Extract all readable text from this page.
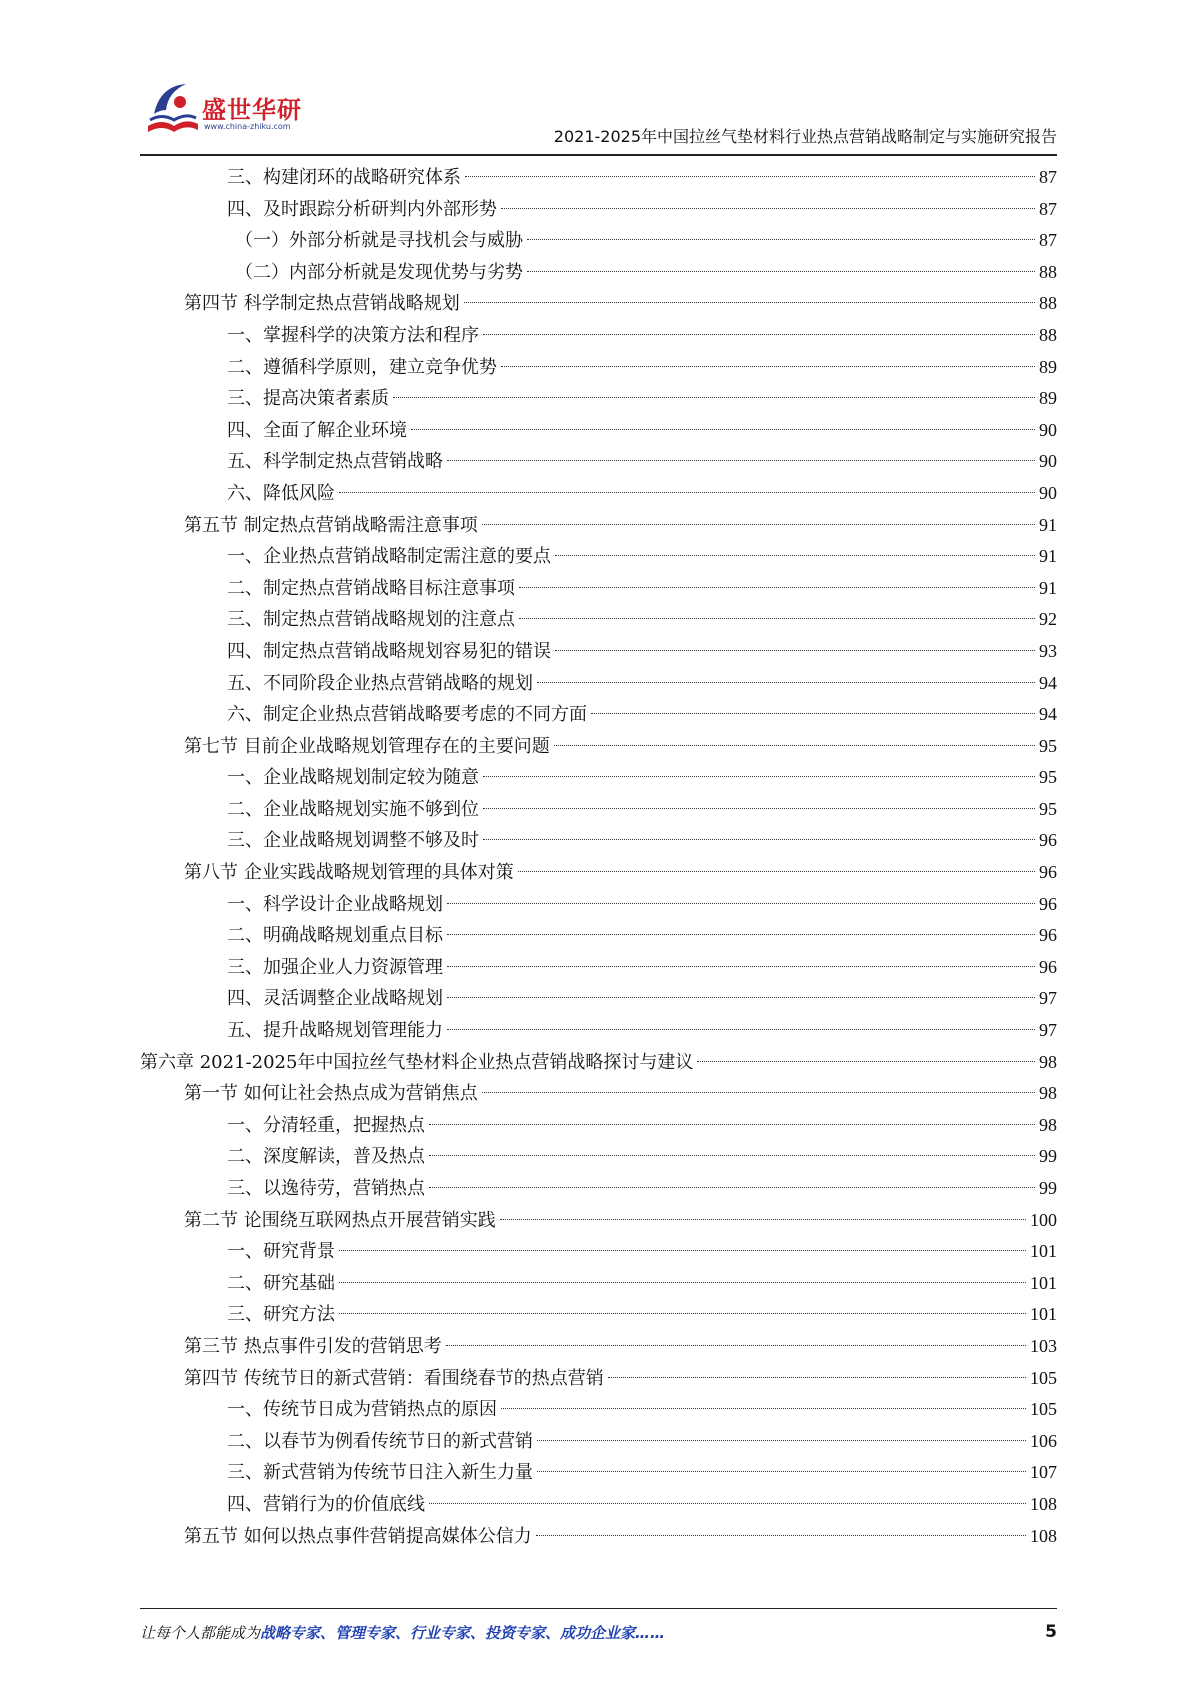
盛世华研
www.china-zhiku.com
2021-2025年中国拉丝气垫材料行业热点营销战略制定与实施研究报告
三、构建闭环的战略研究体系	87
四、及时跟踪分析研判内外部形势	87
（一）外部分析就是寻找机会与威胁	87
（二）内部分析就是发现优势与劣势	88
第四节 科学制定热点营销战略规划	88
一、掌握科学的决策方法和程序	88
二、遵循科学原则，建立竞争优势	89
三、提高决策者素质	89
四、全面了解企业环境	90
五、科学制定热点营销战略	90
六、降低风险	90
第五节 制定热点营销战略需注意事项	91
一、企业热点营销战略制定需注意的要点	91
二、制定热点营销战略目标注意事项	91
三、制定热点营销战略规划的注意点	92
四、制定热点营销战略规划容易犯的错误	93
五、不同阶段企业热点营销战略的规划	94
六、制定企业热点营销战略要考虑的不同方面	94
第七节 目前企业战略规划管理存在的主要问题	95
一、企业战略规划制定较为随意	95
二、企业战略规划实施不够到位	95
三、企业战略规划调整不够及时	96
第八节 企业实践战略规划管理的具体对策	96
一、科学设计企业战略规划	96
二、明确战略规划重点目标	96
三、加强企业人力资源管理	96
四、灵活调整企业战略规划	97
五、提升战略规划管理能力	97
第六章 2021-2025年中国拉丝气垫材料企业热点营销战略探讨与建议	98
第一节 如何让社会热点成为营销焦点	98
一、分清轻重，把握热点	98
二、深度解读，普及热点	99
三、以逸待劳，营销热点	99
第二节 论围绕互联网热点开展营销实践	100
一、研究背景	101
二、研究基础	101
三、研究方法	101
第三节 热点事件引发的营销思考	103
第四节 传统节日的新式营销：看围绕春节的热点营销	105
一、传统节日成为营销热点的原因	105
二、以春节为例看传统节日的新式营销	106
三、新式营销为传统节日注入新生力量	107
四、营销行为的价值底线	108
第五节 如何以热点事件营销提高媒体公信力	108
让每个人都能成为战略专家、管理专家、行业专家、投资专家、成功企业家……	5
